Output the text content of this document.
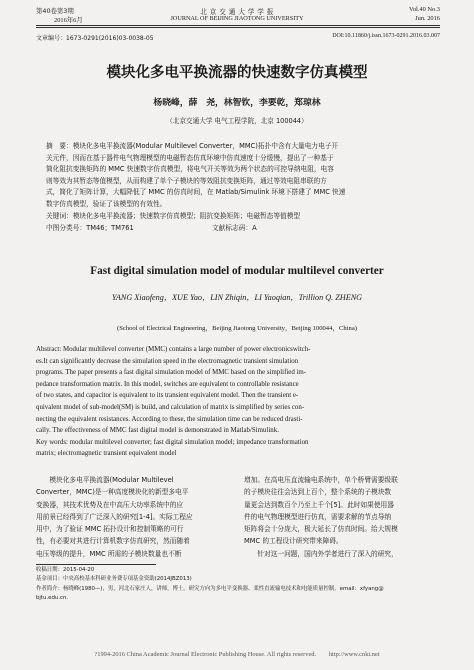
第40卷第3期
2016年6月
北 京 交 通 大 学 学 报
JOURNAL OF BEIJING JIAOTONG UNIVERSITY
Vol.40 No.3
Jun. 2016
文章编号：1673-0291(2016)03-0038-05	DOI:10.11860/j.issn.1673-0291.2016.03.007
模块化多电平换流器的快速数字仿真模型
杨晓峰，薛　尧，林智钦，李要乾，郑琼林
（北京交通大学 电气工程学院，北京 100044）
摘　要：模块化多电平换流器(Modular Multilevel Converter，MMC)拓扑中含有大量电力电子开
关元件，因而在基于器件电气物理模型的电磁暂态仿真环境中仿真速度十分缓慢，提出了一种基于
简化阻抗变换矩阵的 MMC 快速数字仿真模型，将电气开关等效为两个状态的可控导纳电阻，电容
则等效为其暂态等值模型，从而构建了单个子模块的等效阻抗变换矩阵，通过等效电阻串联的方
式，简化了矩阵计算，大幅降低了 MMC 的仿真时间，在 Matlab/Simulink 环境下搭建了 MMC 快速
数字仿真模型，验证了该模型的有效性。
关键词：模块化多电平换流器；快速数字仿真模型；阻抗变换矩阵；电磁暂态等值模型
中图分类号：TM46；TM761	文献标志码：A
Fast digital simulation model of modular multilevel converter
YANG Xiaofeng，XUE Yao，LIN Zhiqin，LI Yaoqian，Trillion Q. ZHENG
(School of Electrical Engineering，Beijing Jiaotong University，Beijing 100044，China)
Abstract: Modular multilevel converter (MMC) contains a large number of power electronicswitch-
es.It can significantly decrease the simulation speed in the electromagnetic transient simulation
programs. The paper presents a fast digital simulation model of MMC based on the simplified im-
pedance transformation matrix. In this model, switches are equivalent to controllable resistance
of two states, and capacitor is equivalent to its transient equivalent model. Then the transient e-
quivalent model of sub-model(SM) is build, and calculation of matrix is simplified by series con-
necting the equivalent resistances. According to these, the simulation time can be reduced drasti-
cally. The effectiveness of MMC fast digital model is demonstrated in Matlab/Simulink.
Key words: modular multilevel converter; fast digital simulation model; impedance transformation
matrix; electromagnetic transient equivalent model
　　模块化多电平换流器(Modular Multilevel
Converter，MMC)是一种高度模块化的新型多电平
变换器，其技术优势及在中高压大功率系统中的应
用前景已经得到了广泛深入的研究[1-4]。实际工程应
用中，为了验证 MMC 拓扑设计和控制策略的可行
性，有必要对其进行计算机数字仿真研究，然而随着
电压等级的提升，MMC 所需的子模块数量也不断
增加。在高电压直流输电系统中，单个桥臂需要级联
的子模块往往会达到上百个，整个系统的子模块数
量更会达到数百个乃至上千个[5]。此时如果使用器
件的电气物理模型进行仿真，需要求解的节点导纳
矩阵将会十分庞大，极大延长了仿真时间。给大规模
MMC 的工程设计研究带来障碍。
　　针对这一问题，国内外学者进行了深入的研究，
收稿日期：2015-04-20
基金项目：中央高校基本科研业务费专项基金资助(2014JBZ013)
作者简介：杨晓峰(1980—)，男，河北石家庄人，讲师，博士。研究方向为多电平变换器、柔性直流输电技术和电能质量控制。email：xfyang@
bjtu.edu.cn.
?1994-2016 China Academic Journal Electronic Publishing House. All rights reserved.　　http://www.cnki.net
